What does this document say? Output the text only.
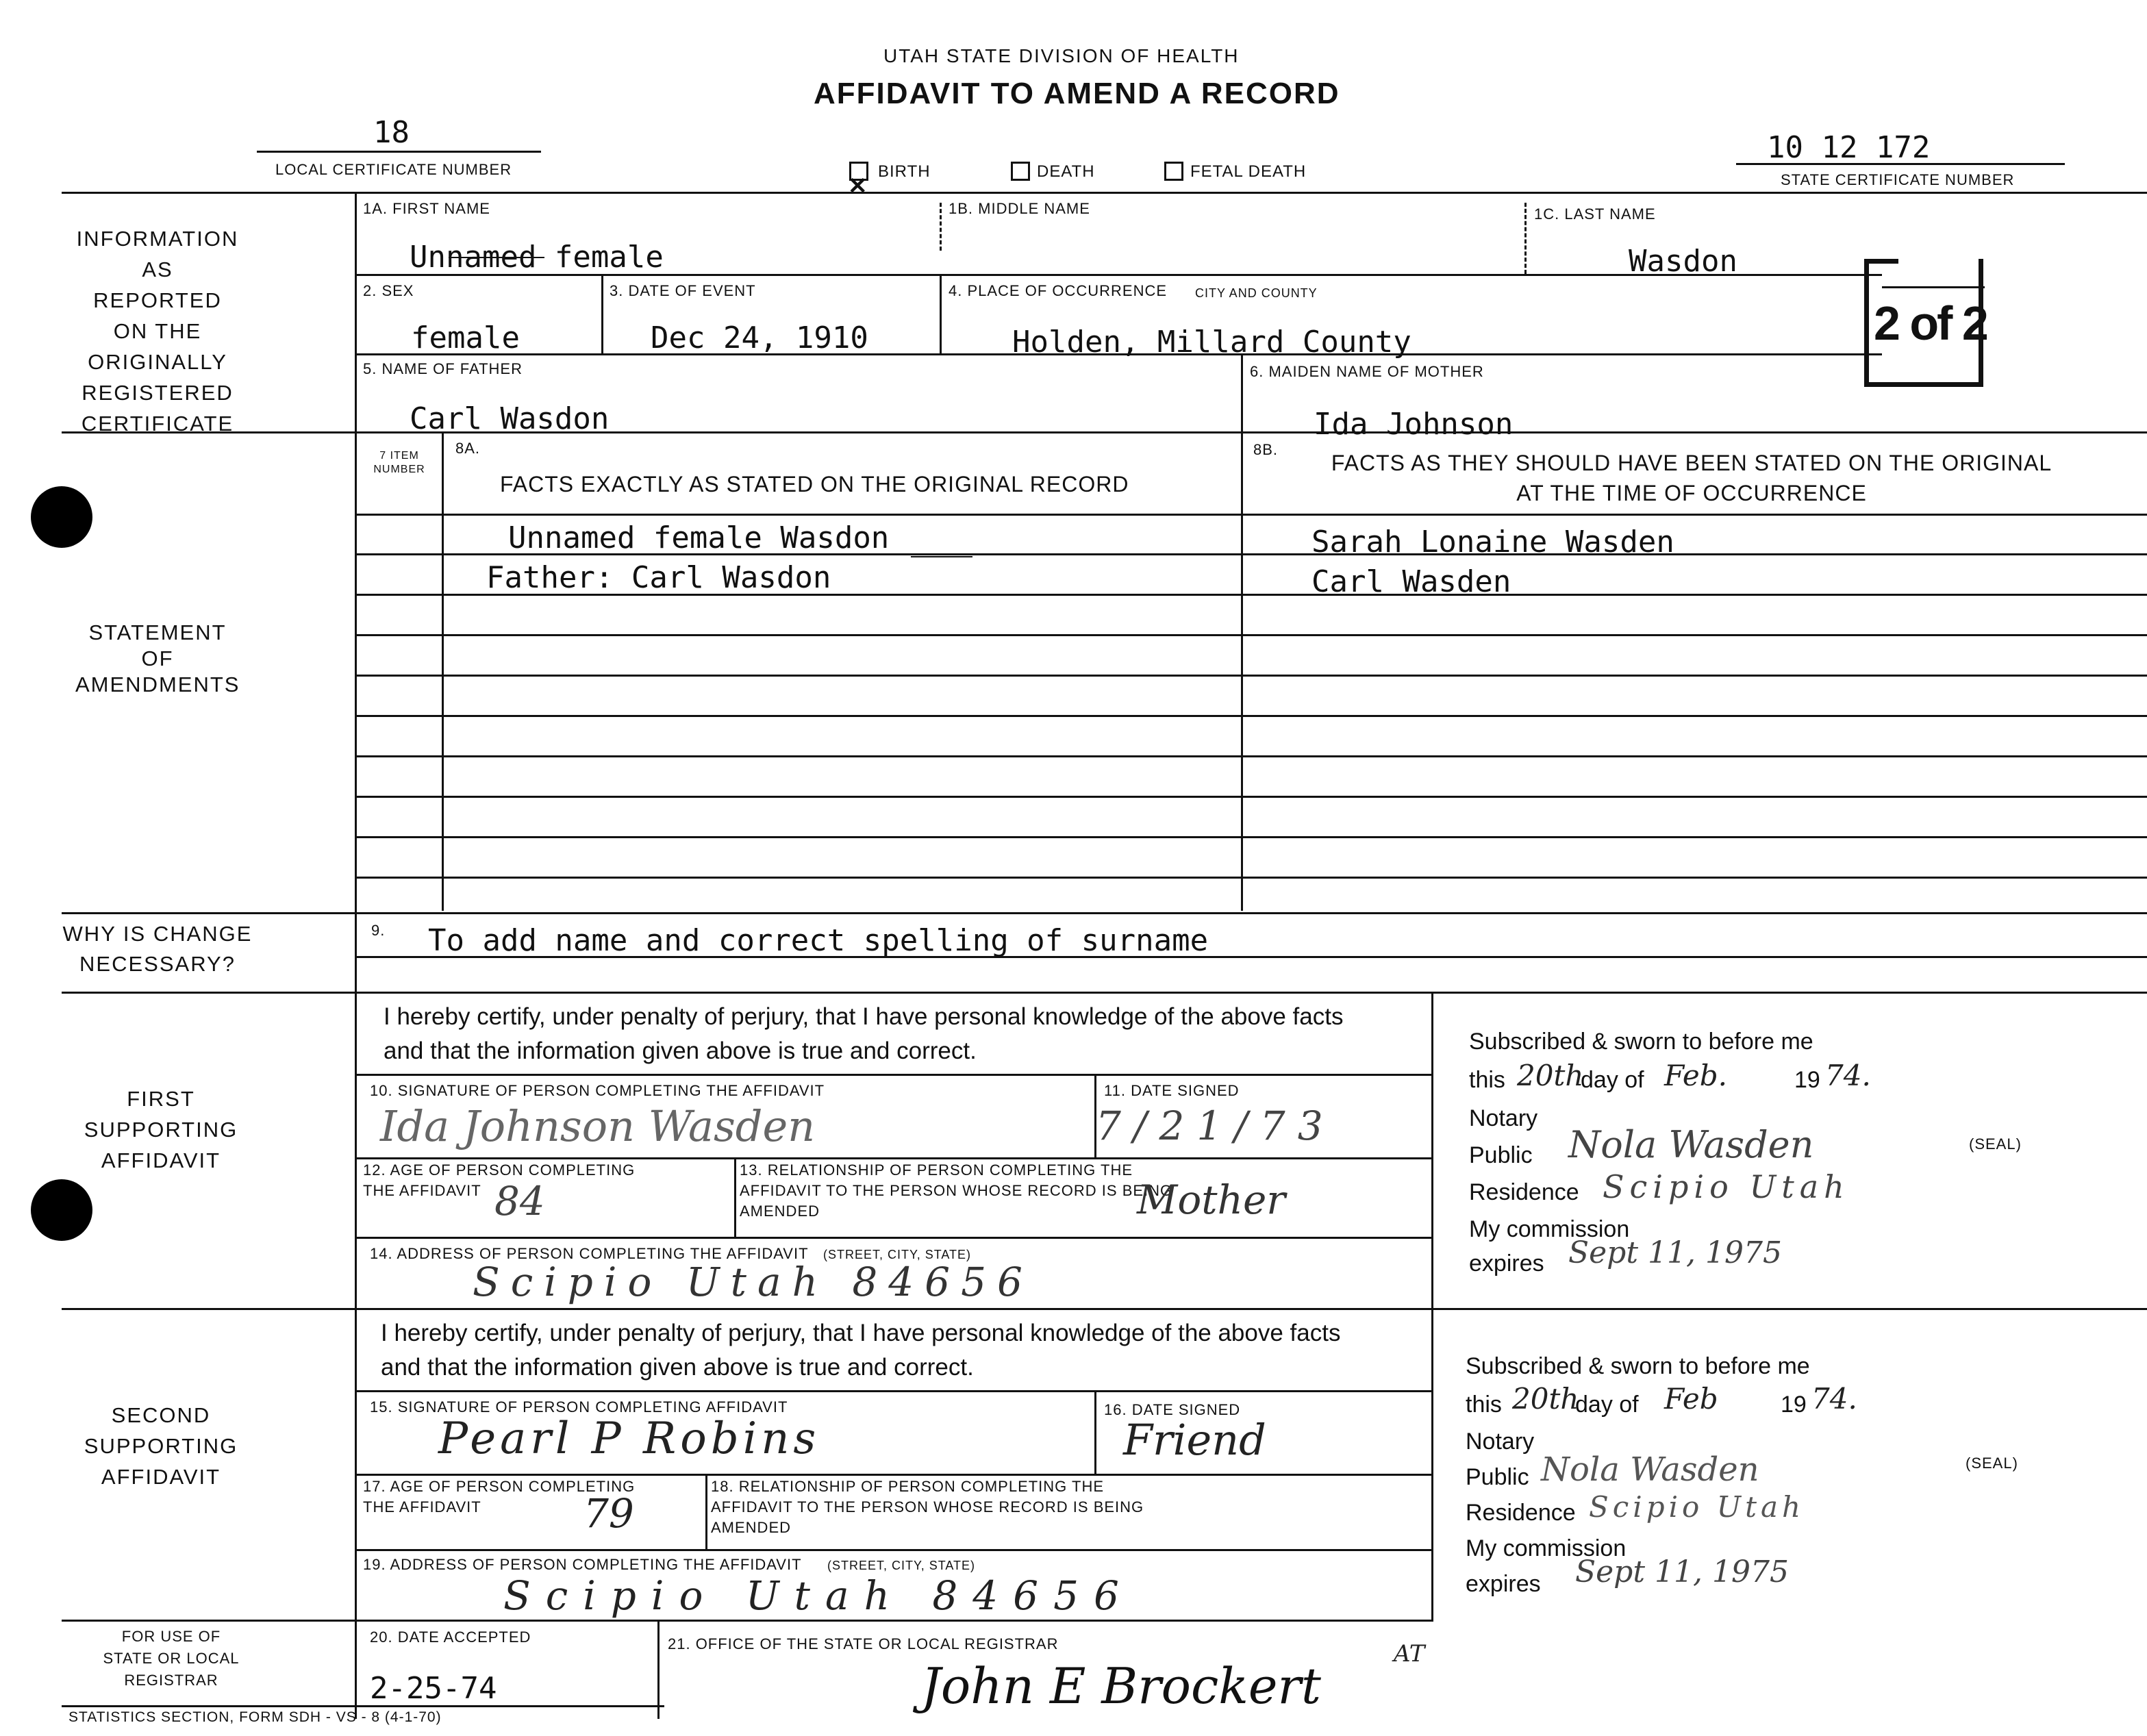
UTAH STATE DIVISION OF HEALTH
AFFIDAVIT TO AMEND A RECORD
18
LOCAL CERTIFICATE NUMBER
10 12 172
STATE CERTIFICATE NUMBER
✕
BIRTH	DEATH	FETAL DEATH
2 of 2
INFORMATION AS REPORTED ON THE ORIGINALLY REGISTERED CERTIFICATE
STATEMENT OF AMENDMENTS
WHY IS CHANGE NECESSARY?
FIRST SUPPORTING AFFIDAVIT
SECOND SUPPORTING AFFIDAVIT
FOR USE OF STATE OR LOCAL REGISTRAR
1A. FIRST NAME
Unnamed female
1B. MIDDLE NAME	1C. LAST NAME
Wasdon
2. SEX
female
3. DATE OF EVENT
Dec 24, 1910
4. PLACE OF OCCURRENCE CITY AND COUNTY
Holden, Millard County
5. NAME OF FATHER
Carl Wasdon
6. MAIDEN NAME OF MOTHER
Ida Johnson
7 ITEM NUMBER
8A.
FACTS EXACTLY AS STATED ON THE ORIGINAL RECORD
8B.
FACTS AS THEY SHOULD HAVE BEEN STATED ON THE ORIGINAL AT THE TIME OF OCCURRENCE
Unnamed female Wasdon	Sarah Lonaine Wasden
Father: Carl Wasdon	Carl Wasden
9. To add name and correct spelling of surname
I hereby certify, under penalty of perjury, that I have personal knowledge of the above facts and that the information given above is true and correct.
10. SIGNATURE OF PERSON COMPLETING THE AFFIDAVIT
Ida Johnson Wasden
11. DATE SIGNED
7/21/73
12. AGE OF PERSON COMPLETING THE AFFIDAVIT 84
13. RELATIONSHIP OF PERSON COMPLETING THE AFFIDAVIT TO THE PERSON WHOSE RECORD IS BEING AMENDED	Mother
14. ADDRESS OF PERSON COMPLETING THE AFFIDAVIT (STREET, CITY, STATE)
Scipio Utah 84656
Subscribed & sworn to before me
this 20th
day of Feb.	19 74.
Notary
Public Nola Wasden	(SEAL)
Residence Scipio Utah
My commission
expires Sept 11, 1975
I hereby certify, under penalty of perjury, that I have personal knowledge of the above facts and that the information given above is true and correct.
15. SIGNATURE OF PERSON COMPLETING AFFIDAVIT
Pearl P Robins
16. DATE SIGNED
Friend
17. AGE OF PERSON COMPLETING THE AFFIDAVIT	79
18. RELATIONSHIP OF PERSON COMPLETING THE AFFIDAVIT TO THE PERSON WHOSE RECORD IS BEING AMENDED
19. ADDRESS OF PERSON COMPLETING THE AFFIDAVIT (STREET, CITY, STATE)
Scipio Utah 84656
Subscribed & sworn to before me
this 20th
day of Feb	19 74.
Notary
Public Nola Wasden	(SEAL)
Residence Scipio Utah
My commission
expires Sept 11, 1975
20. DATE ACCEPTED
2-25-74
21. OFFICE OF THE STATE OR LOCAL REGISTRAR
John E Brockert
AT
STATISTICS SECTION, FORM SDH - VS - 8 (4-1-70)
